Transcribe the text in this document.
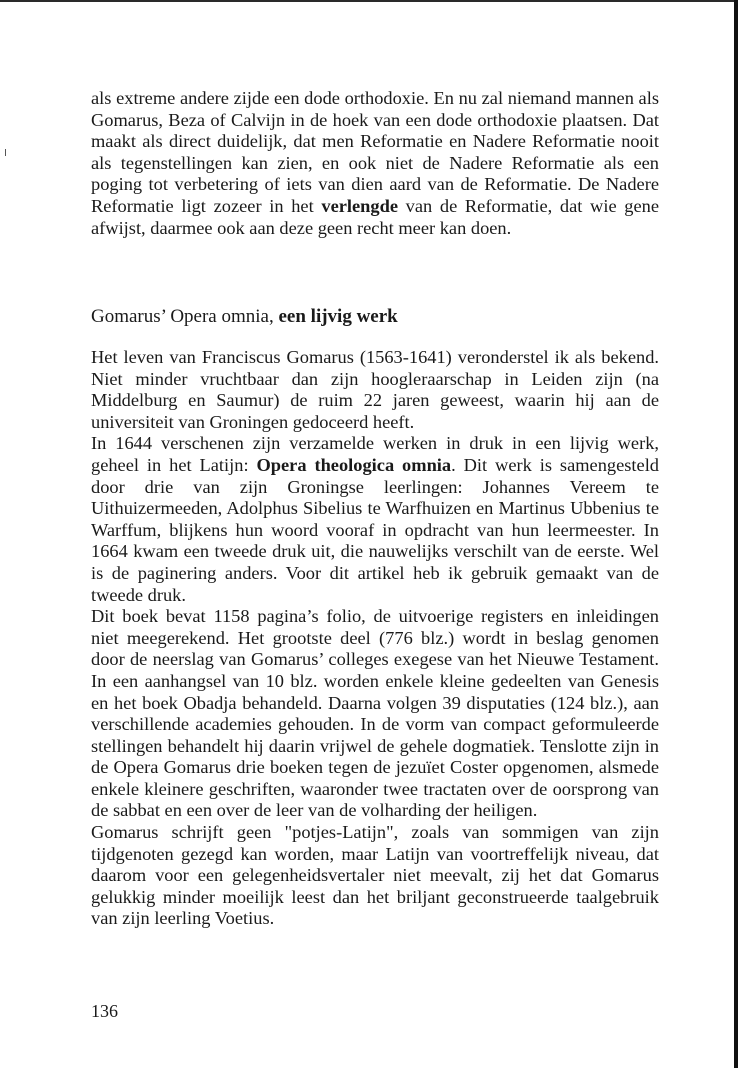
als extreme andere zijde een dode orthodoxie. En nu zal niemand mannen als Gomarus, Beza of Calvijn in de hoek van een dode orthodoxie plaatsen. Dat maakt als direct duidelijk, dat men Reformatie en Nadere Reformatie nooit als tegenstellingen kan zien, en ook niet de Nadere Reformatie als een poging tot verbetering of iets van dien aard van de Reformatie. De Nadere Reformatie ligt zozeer in het verlengde van de Reformatie, dat wie gene afwijst, daarmee ook aan deze geen recht meer kan doen.

Gomarus’ Opera omnia, een lijvig werk

Het leven van Franciscus Gomarus (1563-1641) veronderstel ik als bekend. Niet minder vruchtbaar dan zijn hoogleraarschap in Leiden zijn (na Middelburg en Saumur) de ruim 22 jaren geweest, waarin hij aan de universiteit van Groningen gedoceerd heeft.

In 1644 verschenen zijn verzamelde werken in druk in een lijvig werk, geheel in het Latijn: Opera theologica omnia. Dit werk is samengesteld door drie van zijn Groningse leerlingen: Johannes Vereem te Uithuizermeeden, Adolphus Sibelius te Warfhuizen en Martinus Ubbenius te Warffum, blijkens hun woord vooraf in opdracht van hun leermeester. In 1664 kwam een tweede druk uit, die nauwelijks verschilt van de eerste. Wel is de paginering anders. Voor dit artikel heb ik gebruik gemaakt van de tweede druk.

Dit boek bevat 1158 pagina’s folio, de uitvoerige registers en inleidingen niet meegerekend. Het grootste deel (776 blz.) wordt in beslag genomen door de neerslag van Gomarus’ colleges exegese van het Nieuwe Testament. In een aanhangsel van 10 blz. worden enkele kleine gedeelten van Genesis en het boek Obadja behandeld. Daarna volgen 39 disputaties (124 blz.), aan verschillende academies gehouden. In de vorm van compact geformuleerde stellingen behandelt hij daarin vrijwel de gehele dogmatiek. Tenslotte zijn in de Opera Gomarus drie boeken tegen de jezuïet Coster opgenomen, alsmede enkele kleinere geschriften, waaronder twee tractaten over de oorsprong van de sabbat en een over de leer van de volharding der heiligen.

Gomarus schrijft geen "potjes-Latijn", zoals van sommigen van zijn tijdgenoten gezegd kan worden, maar Latijn van voortreffelijk niveau, dat daarom voor een gelegenheidsvertaler niet meevalt, zij het dat Gomarus gelukkig minder moeilijk leest dan het briljant geconstrueerde taalgebruik van zijn leerling Voetius.

136
